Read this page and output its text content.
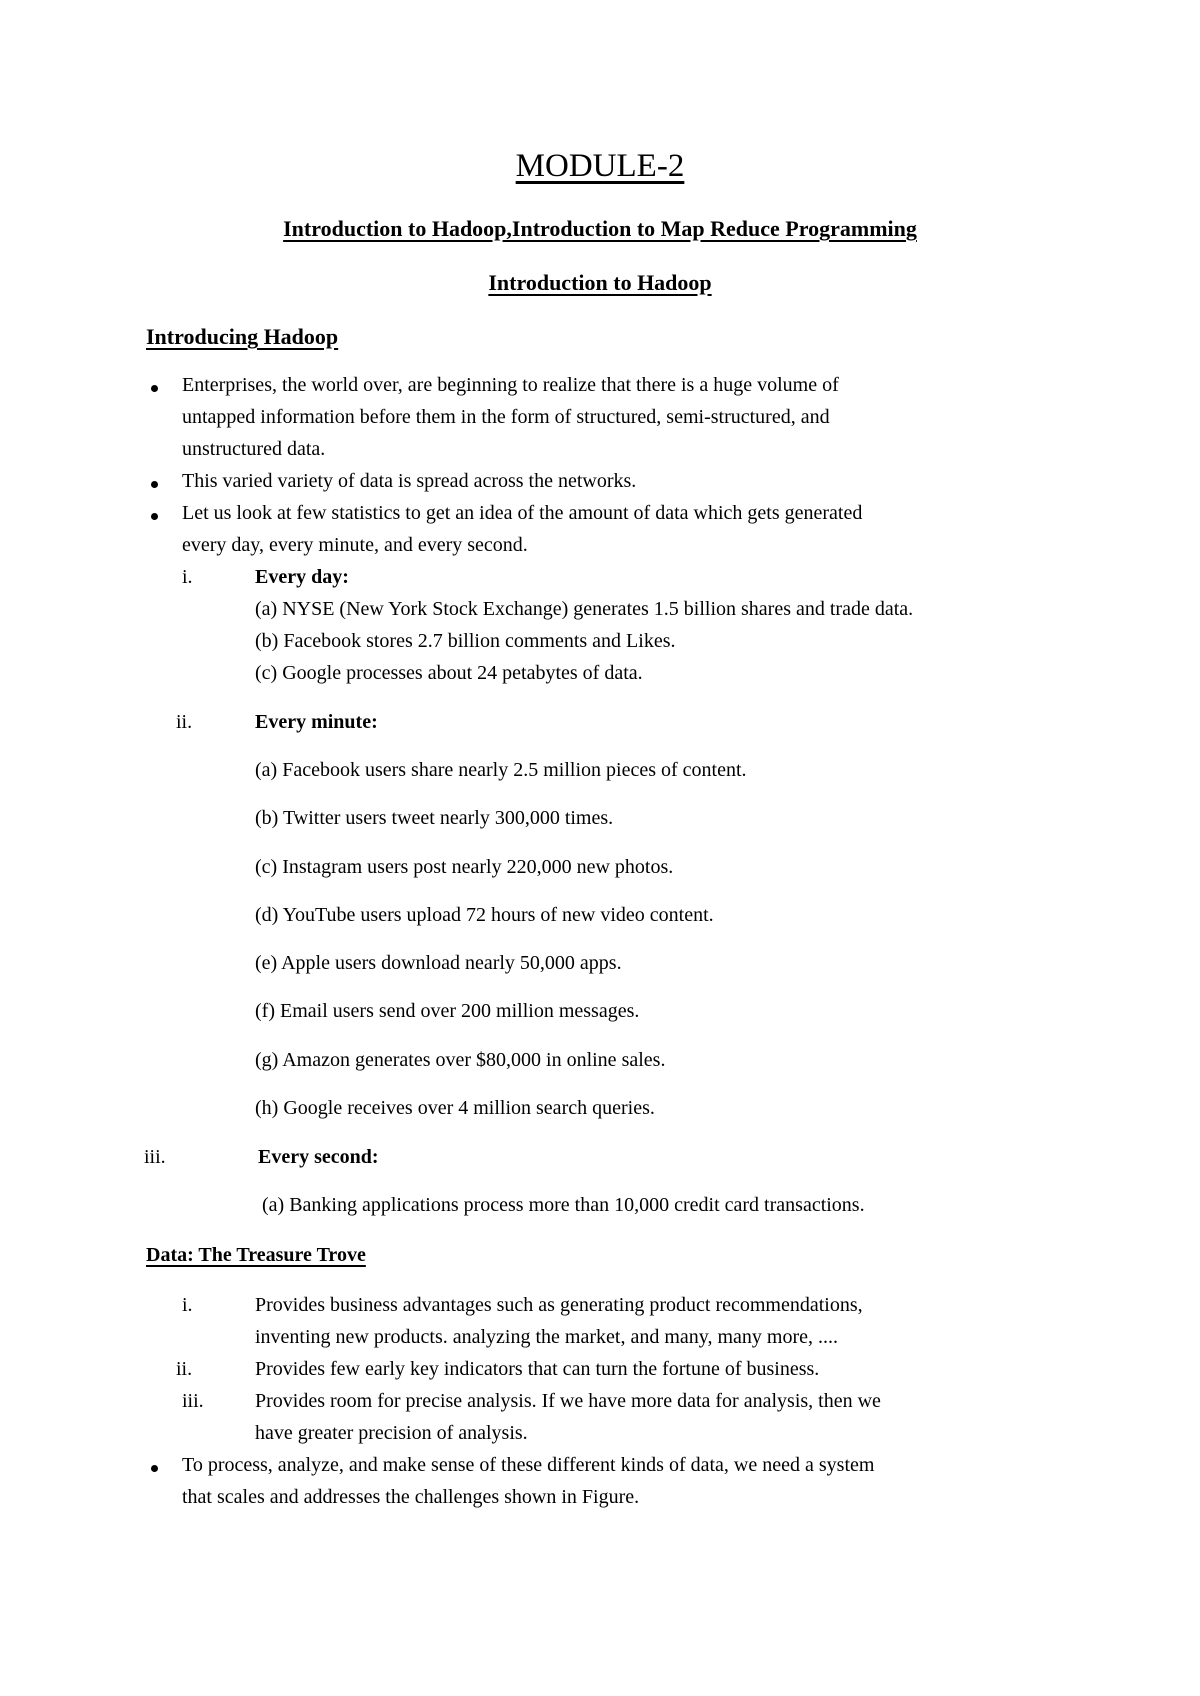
MODULE-2
Introduction to Hadoop,Introduction to Map Reduce Programming
Introduction to Hadoop
Introducing Hadoop
Enterprises, the world over, are beginning to realize that there is a huge volume of
untapped information before them in the form of structured, semi-structured, and
unstructured data.
This varied variety of data is spread across the networks.
Let us look at few statistics to get an idea of the amount of data which gets generated
every day, every minute, and every second.
i.	Every day:
(a) NYSE (New York Stock Exchange) generates 1.5 billion shares and trade data.
(b) Facebook stores 2.7 billion comments and Likes.
(c) Google processes about 24 petabytes of data.
ii.	Every minute:
(a) Facebook users share nearly 2.5 million pieces of content.
(b) Twitter users tweet nearly 300,000 times.
(c) Instagram users post nearly 220,000 new photos.
(d) YouTube users upload 72 hours of new video content.
(e) Apple users download nearly 50,000 apps.
(f) Email users send over 200 million messages.
(g) Amazon generates over $80,000 in online sales.
(h) Google receives over 4 million search queries.
iii.	Every second:
(a) Banking applications process more than 10,000 credit card transactions.
Data: The Treasure Trove
i.	Provides business advantages such as generating product recommendations,
inventing new products. analyzing the market, and many, many more, ....
ii.	Provides few early key indicators that can turn the fortune of business.
iii.	Provides room for precise analysis. If we have more data for analysis, then we
have greater precision of analysis.
To process, analyze, and make sense of these different kinds of data, we need a system
that scales and addresses the challenges shown in Figure.
